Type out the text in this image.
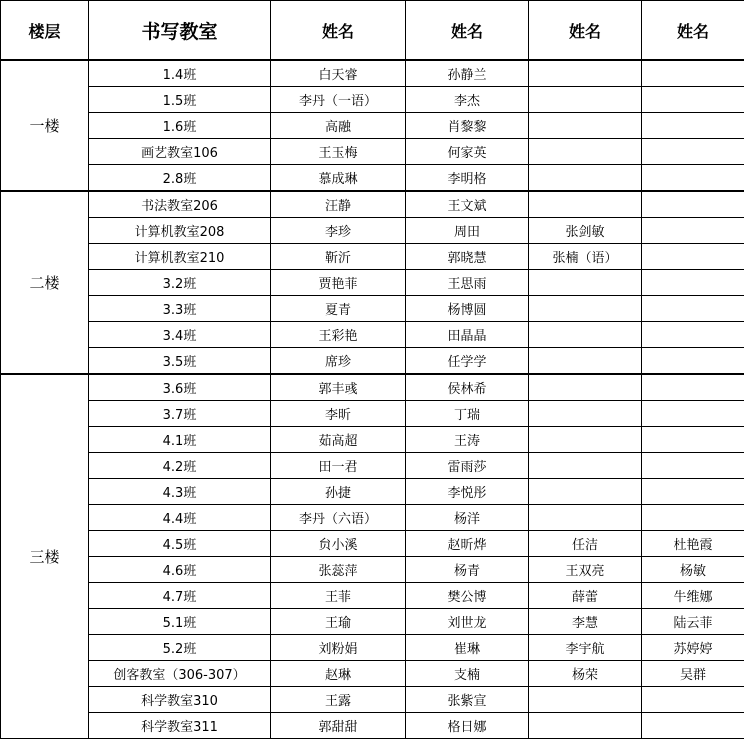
楼层	书写教室	姓名	姓名	姓名	姓名
一楼	1.4班	白天睿	孙静兰		
	1.5班	李丹（一语）	李杰		
	1.6班	高融	肖黎黎		
	画艺教室106	王玉梅	何家英		
	2.8班	慕成琳	李明格		
二楼	书法教室206	汪静	王文斌		
	计算机教室208	李珍	周田	张剑敏	
	计算机教室210	靳沂	郭晓慧	张楠（语）	
	3.2班	贾艳菲	王思雨		
	3.3班	夏青	杨博圆		
	3.4班	王彩艳	田晶晶		
	3.5班	席珍	任学学		
三楼	3.6班	郭丰彧	侯林希		
	3.7班	李昕	丁瑞		
	4.1班	茹高超	王涛		
	4.2班	田一君	雷雨莎		
	4.3班	孙捷	李悦彤		
	4.4班	李丹（六语）	杨洋		
	4.5班	贠小溪	赵昕烨	任洁	杜艳霞
	4.6班	张蕊萍	杨青	王双亮	杨敏
	4.7班	王菲	樊公博	薛蕾	牛维娜
	5.1班	王瑜	刘世龙	李慧	陆云菲
	5.2班	刘粉娟	崔琳	李宇航	苏婷婷
	创客教室（306-307）	赵琳	支楠	杨荣	吴群
	科学教室310	王露	张紫宣		
	科学教室311	郭甜甜	格日娜		
